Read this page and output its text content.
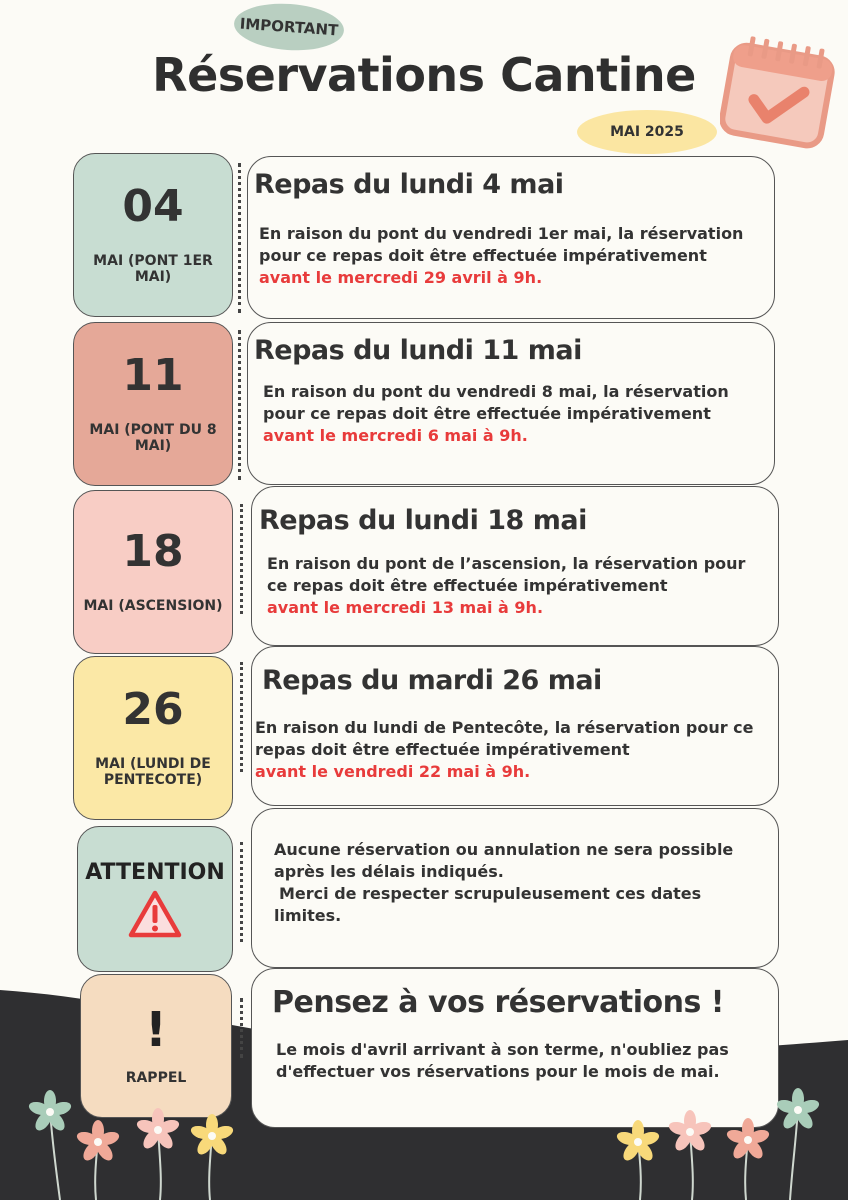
IMPORTANT
Réservations Cantine
MAI 2025
04
MAI (PONT 1ER MAI)
Repas du lundi 4 mai

En raison du pont du vendredi 1er mai, la réservation pour ce repas doit être effectuée impérativement
avant le mercredi 29 avril à 9h.

11
MAI (PONT DU 8 MAI)
Repas du lundi 11 mai

En raison du pont du vendredi 8 mai, la réservation pour ce repas doit être effectuée impérativement
avant le mercredi 6 mai à 9h.

18
MAI (ASCENSION)
Repas du lundi 18 mai

En raison du pont de l’ascension, la réservation pour ce repas doit être effectuée impérativement
avant le mercredi 13 mai à 9h.

26
MAI (LUNDI DE PENTECOTE)
Repas du mardi 26 mai

En raison du lundi de Pentecôte, la réservation pour ce repas doit être effectuée impérativement
avant le vendredi 22 mai à 9h.

ATTENTION

Aucune réservation ou annulation ne sera possible après les délais indiqués.
Merci de respecter scrupuleusement ces dates limites.

!
RAPPEL
Pensez à vos réservations !

Le mois d'avril arrivant à son terme, n'oubliez pas d'effectuer vos réservations pour le mois de mai.
